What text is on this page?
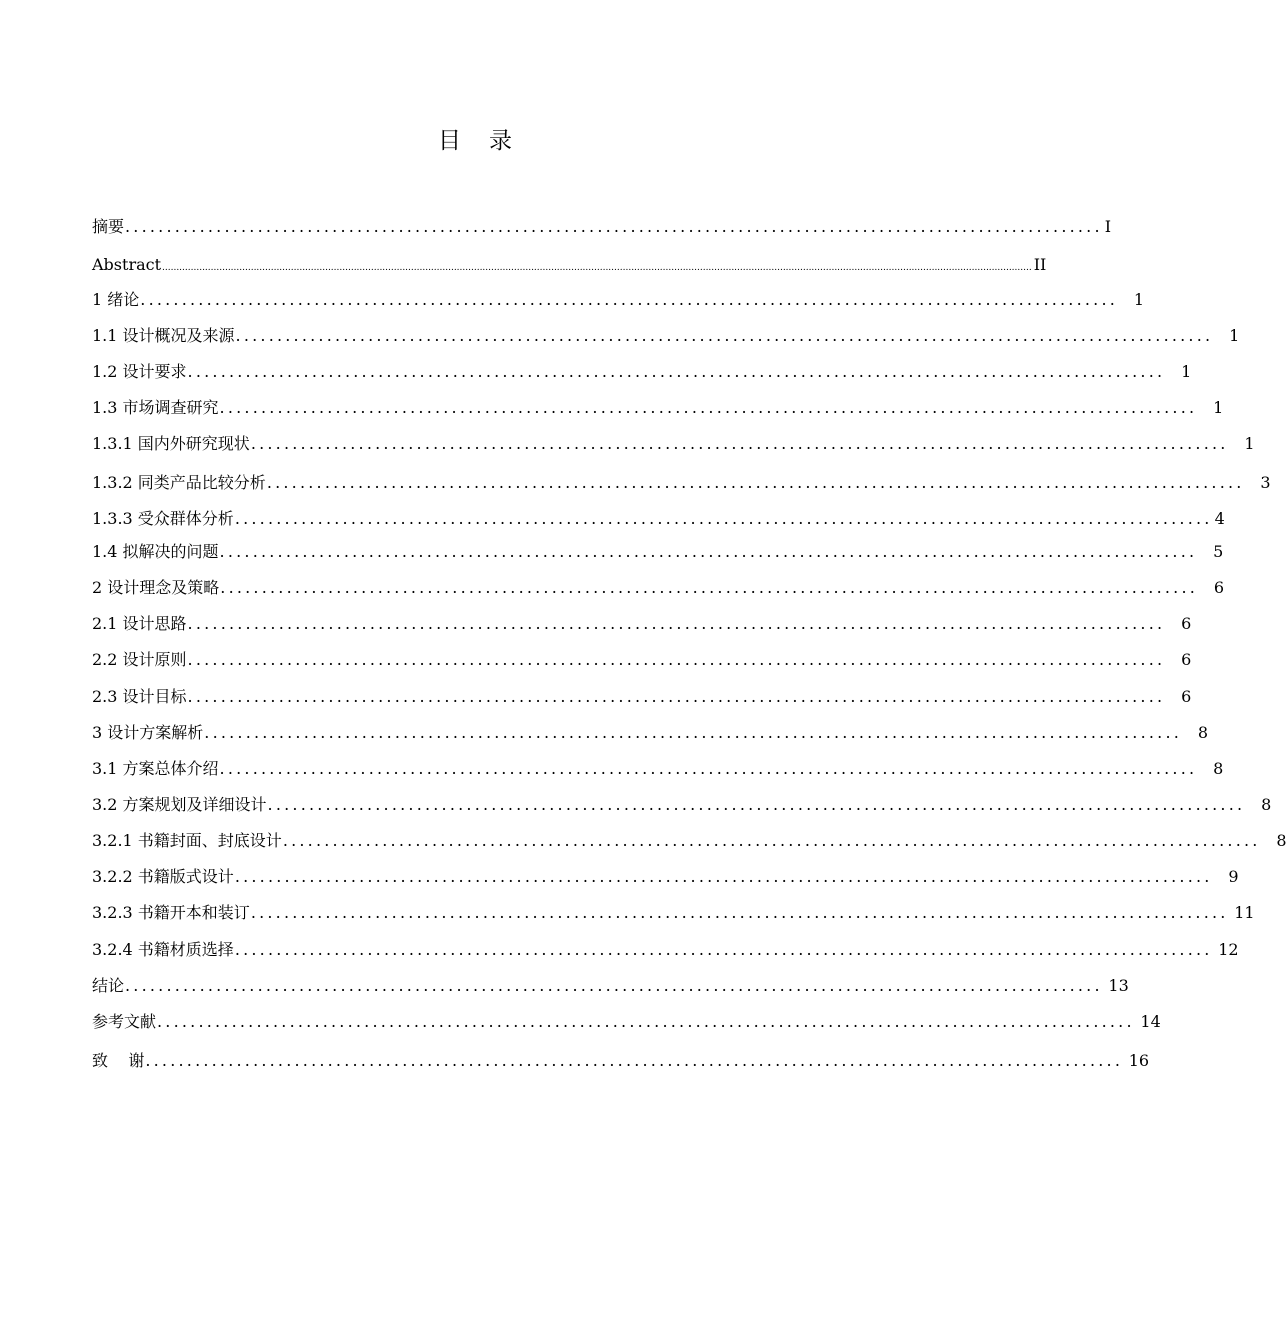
目 录
摘要 ...................................................................................................................... I
Abstract ................................................................................................................................................................................................................................................................................................................ II
1 绪论 ...................................................................................................................... 1
1.1 设计概况及来源 ...................................................................................................................... 1
1.2 设计要求 ...................................................................................................................... 1
1.3 市场调查研究 ...................................................................................................................... 1
1.3.1 国内外研究现状 ...................................................................................................................... 1
1.3.2 同类产品比较分析 ...................................................................................................................... 3
1.3.3 受众群体分析 ...................................................................................................................... 4
1.4 拟解决的问题 ...................................................................................................................... 5
2 设计理念及策略 ...................................................................................................................... 6
2.1 设计思路 ...................................................................................................................... 6
2.2 设计原则 ...................................................................................................................... 6
2.3 设计目标 ...................................................................................................................... 6
3 设计方案解析 ...................................................................................................................... 8
3.1 方案总体介绍 ...................................................................................................................... 8
3.2 方案规划及详细设计 ...................................................................................................................... 8
3.2.1 书籍封面、封底设计 ...................................................................................................................... 8
3.2.2 书籍版式设计 ...................................................................................................................... 9
3.2.3 书籍开本和装订 ...................................................................................................................... 11
3.2.4 书籍材质选择 ...................................................................................................................... 12
结论 ...................................................................................................................... 13
参考文献 ...................................................................................................................... 14
致    谢 ...................................................................................................................... 16
